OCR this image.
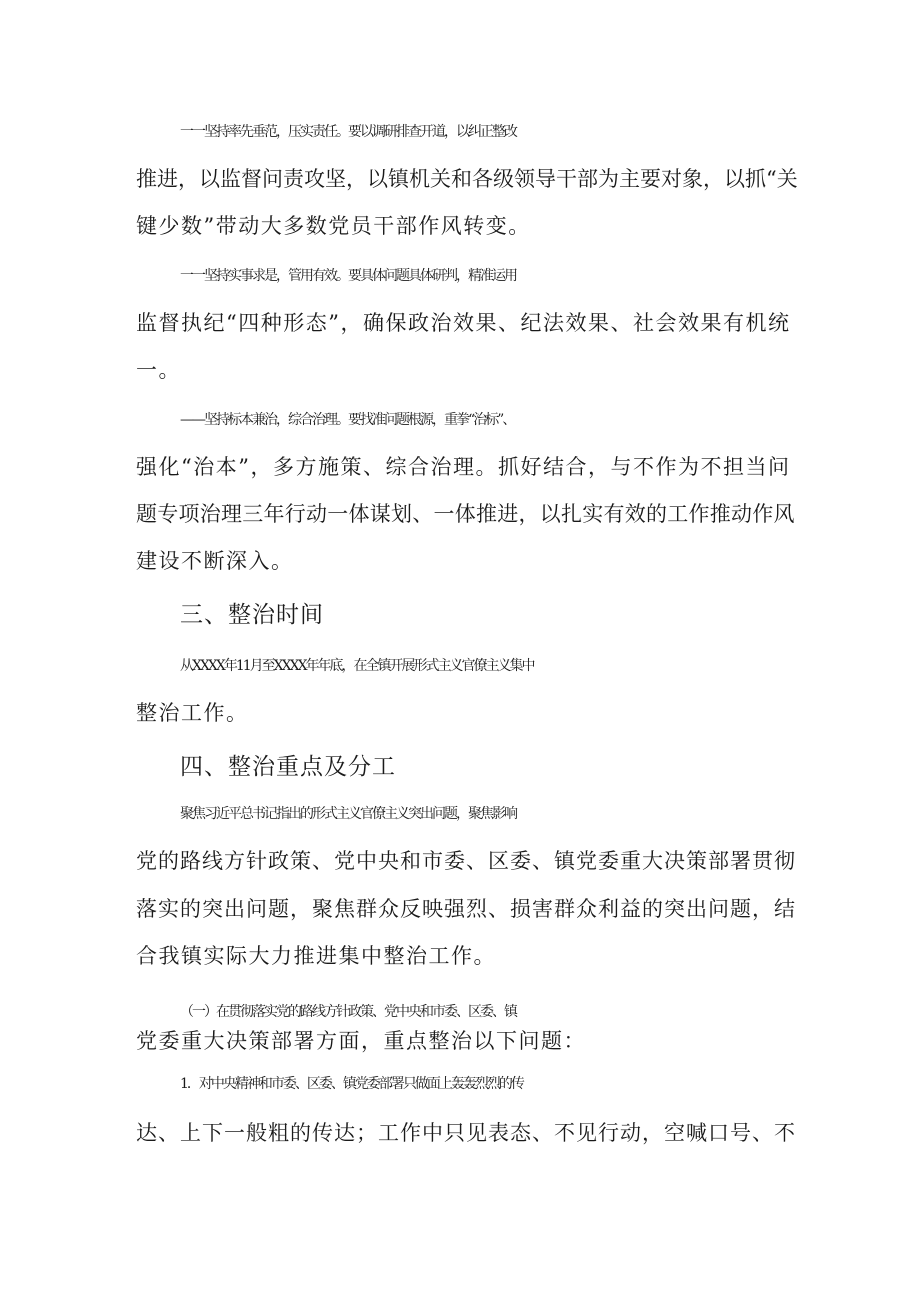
一一坚持率先垂范，压实责任。要以调研排查开道，以纠正整改
推进，以监督问责攻坚，以镇机关和各级领导干部为主要对象，以抓“关
键少数”带动大多数党员干部作风转变。
一一坚持实事求是，管用有效。要具体问题具体研判，精准运用
监督执纪“四种形态”，确保政治效果、纪法效果、社会效果有机统
一。
——坚持标本兼治，综合治理。要找准问题根源，重拳“治标”、
强化“治本”，多方施策、综合治理。抓好结合，与不作为不担当问
题专项治理三年行动一体谋划、一体推进，以扎实有效的工作推动作风
建设不断深入。
三、整治时间
从XXXX年11月至XXXX年年底，在全镇开展形式主义官僚主义集中
整治工作。
四、整治重点及分工
聚焦习近平总书记指出的形式主义官僚主义突出问题，聚焦影响
党的路线方针政策、党中央和市委、区委、镇党委重大决策部署贯彻
落实的突出问题，聚焦群众反映强烈、损害群众利益的突出问题，结
合我镇实际大力推进集中整治工作。
（一）在贯彻落实党的路线方针政策、党中央和市委、区委、镇
党委重大决策部署方面，重点整治以下问题：
1．对中央精神和市委、区委、镇党委部署只做面上轰轰烈烈的传
达、上下一般粗的传达；工作中只见表态、不见行动，空喊口号、不
